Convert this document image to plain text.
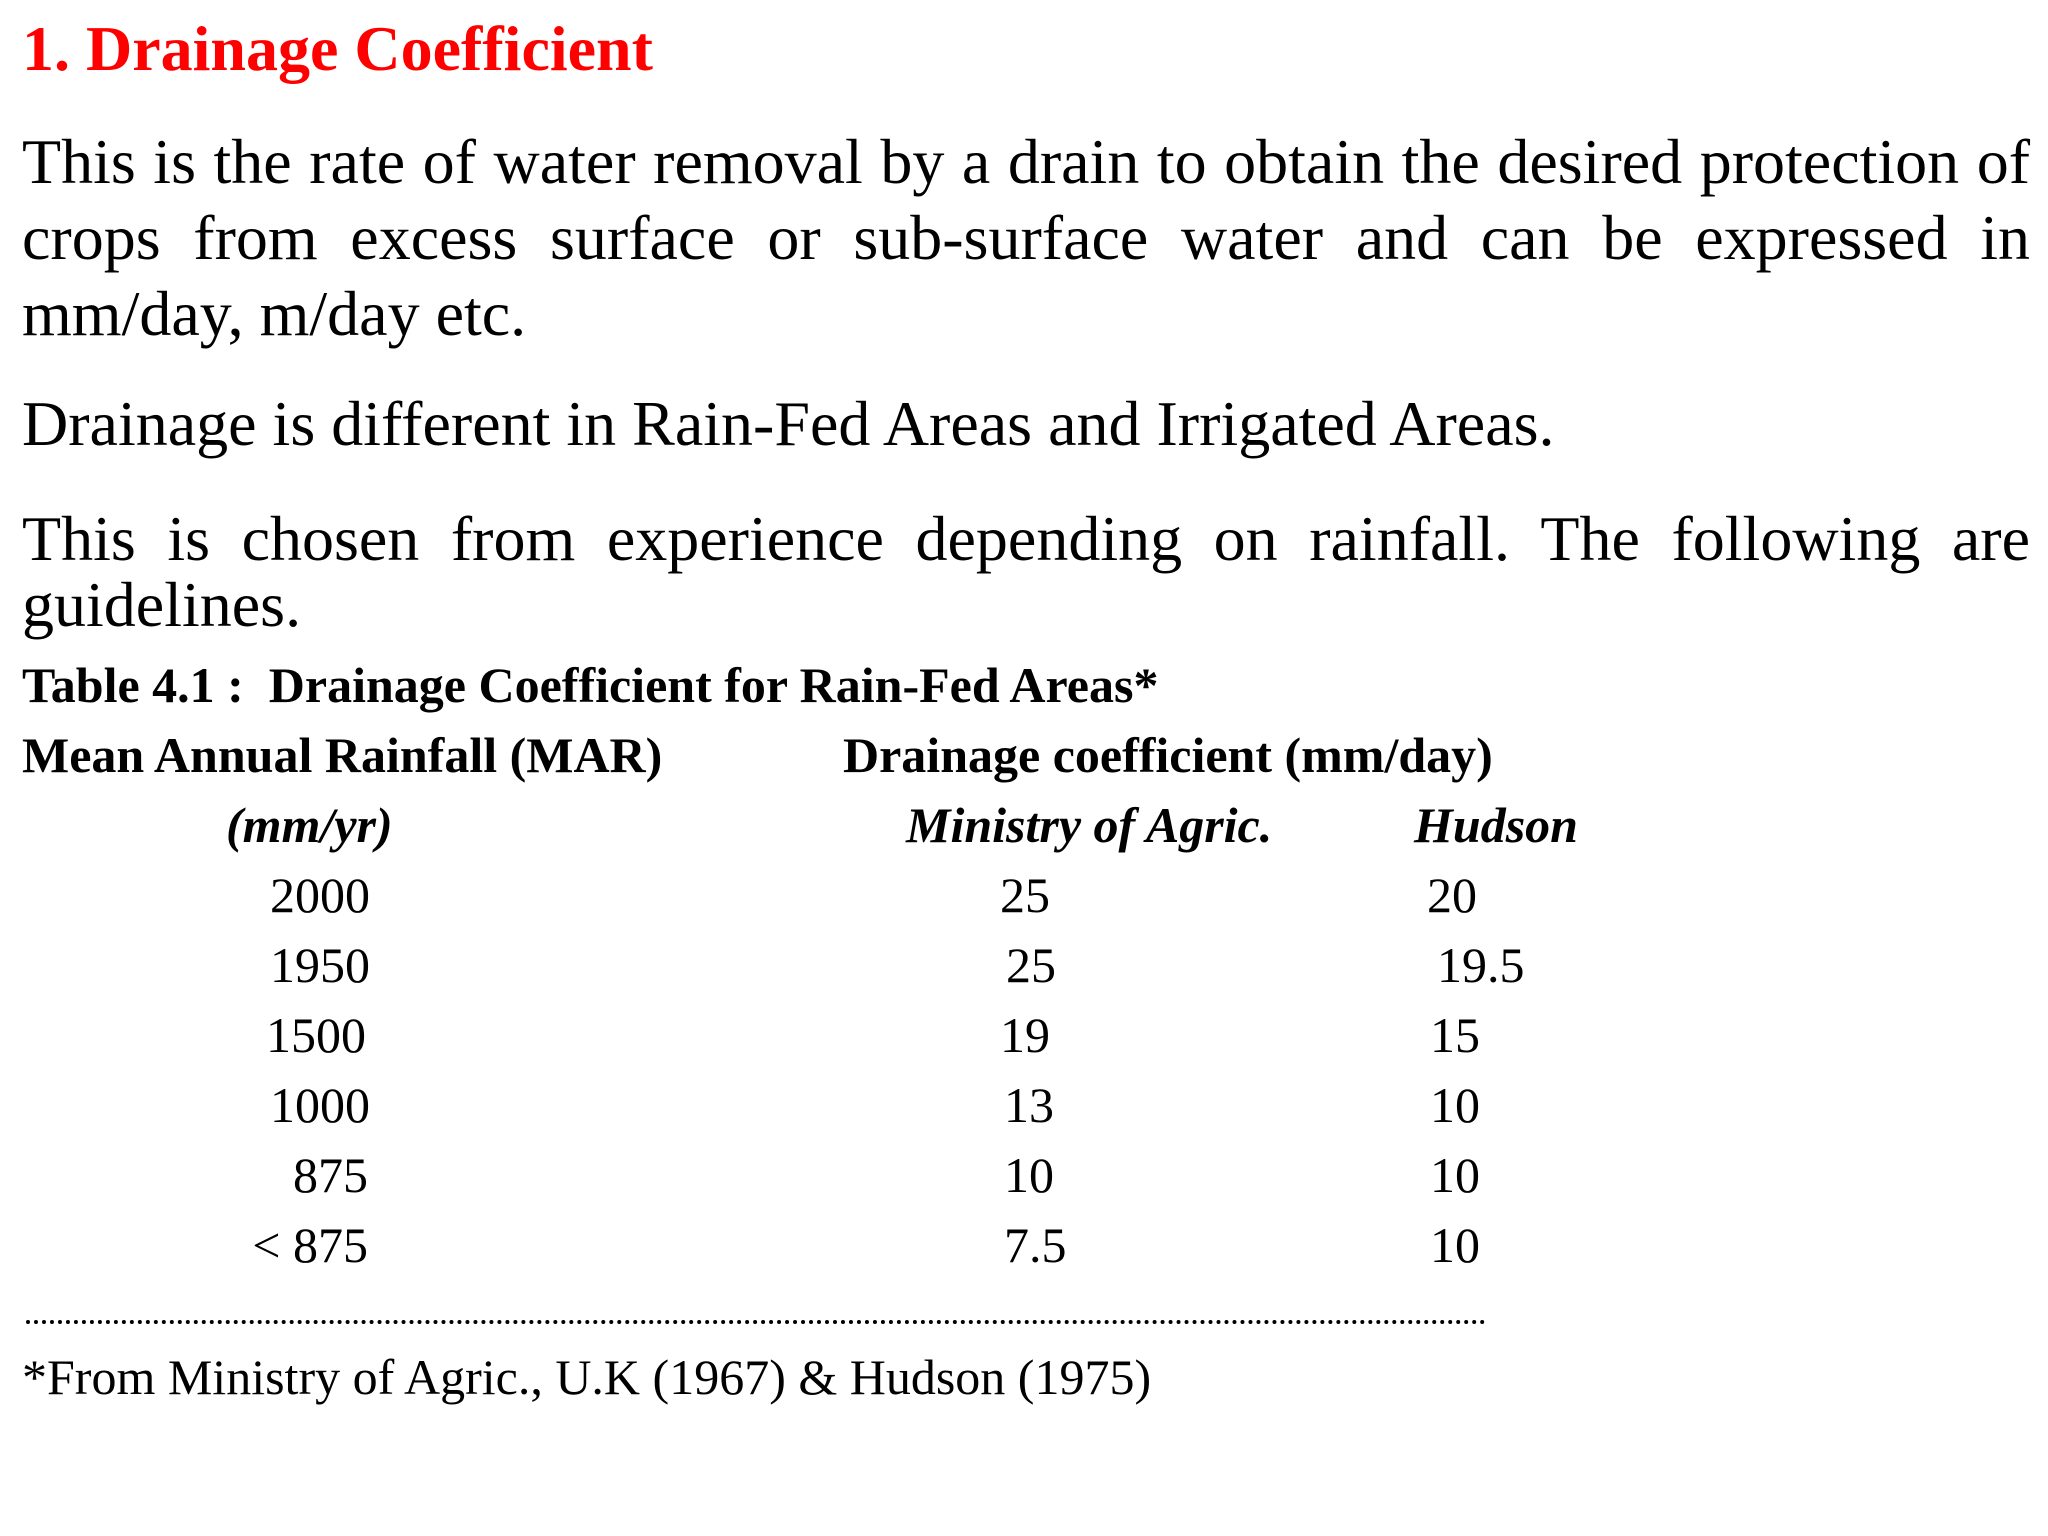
1. Drainage Coefficient

This is the rate of water removal by a drain to obtain the desired protection of crops from excess surface or sub-surface water and can be expressed in mm/day, m/day etc.

Drainage is different in Rain-Fed Areas and Irrigated Areas.

This is chosen from experience depending on rainfall. The following are guidelines.

Table 4.1 :  Drainage Coefficient for Rain-Fed Areas*

Mean Annual Rainfall (MAR)	Drainage coefficient (mm/day)
(mm/yr)	Ministry of Agric.	Hudson
2000	25	20
1950	25	19.5
1500	19	15
1000	13	10
875	10	10
< 875	7.5	10

*From Ministry of Agric., U.K (1967) & Hudson (1975)
